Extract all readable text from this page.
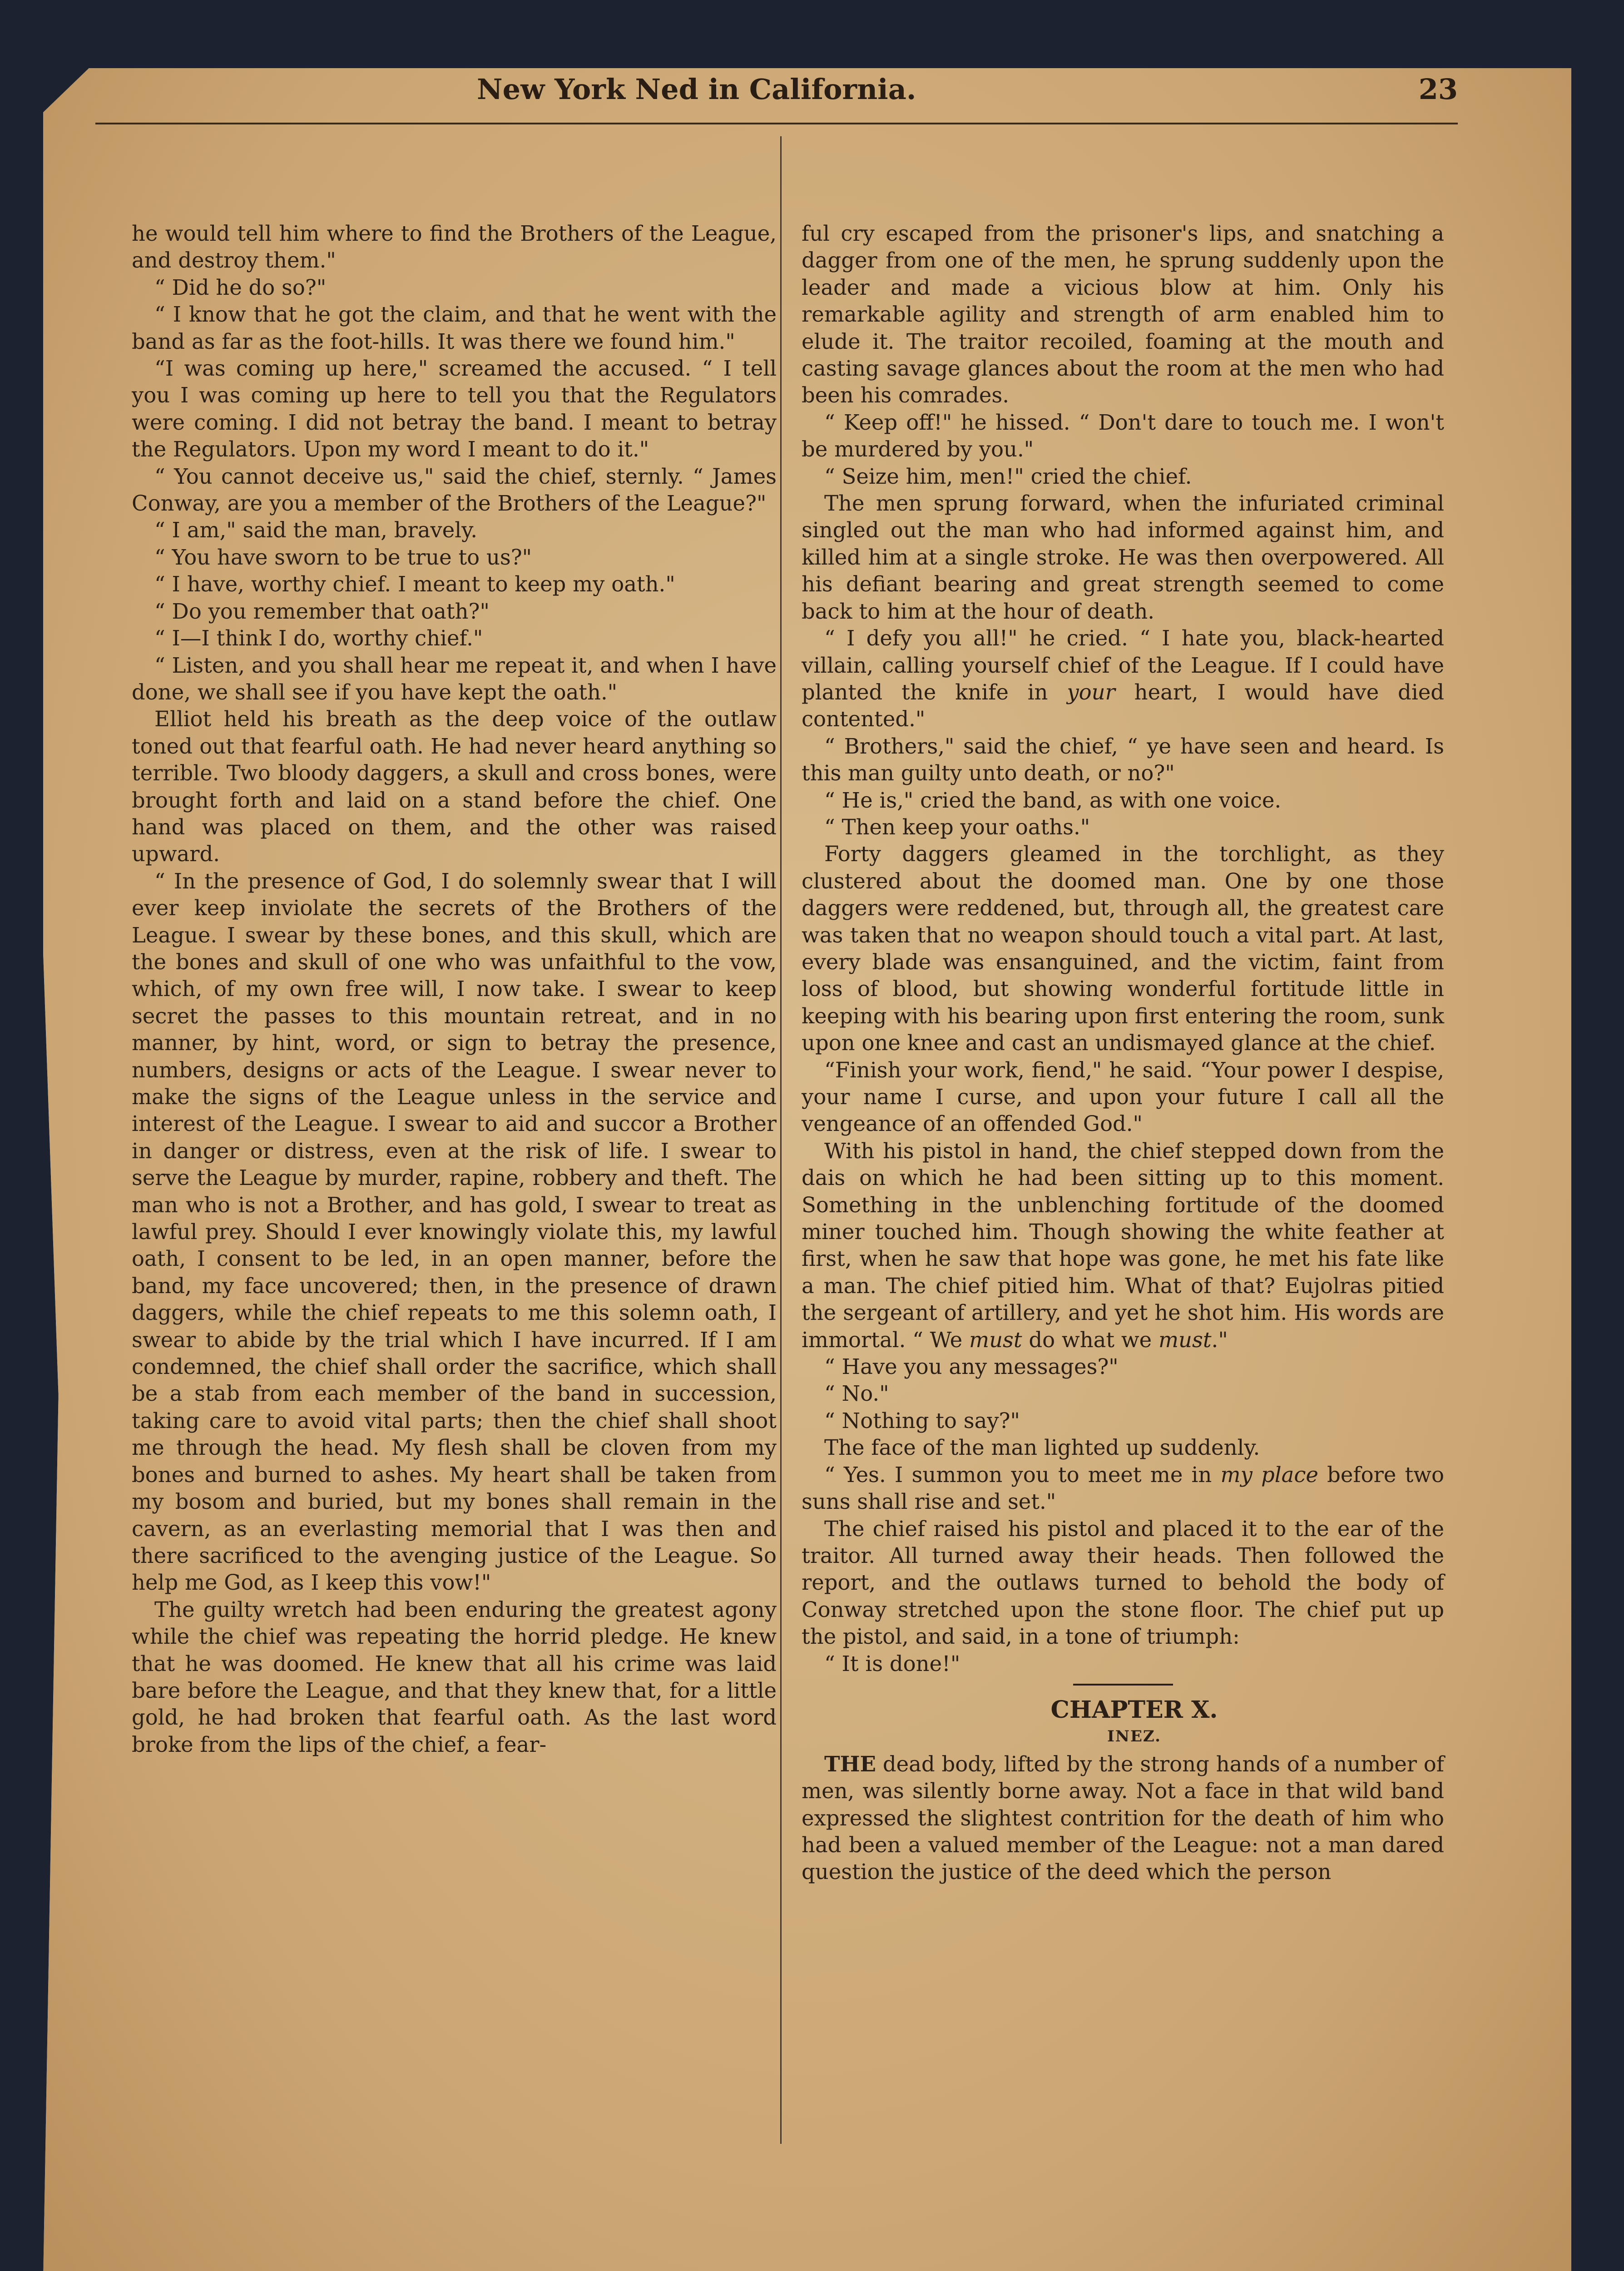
New York Ned in California.	23

he would tell him where to find the Brothers of the League, and destroy them."

“ Did he do so?"

“ I know that he got the claim, and that he went with the band as far as the foot-hills. It was there we found him."

“I was coming up here," screamed the accused. “ I tell you I was coming up here to tell you that the Regulators were coming. I did not betray the band. I meant to betray the Regulators. Upon my word I meant to do it."

“ You cannot deceive us," said the chief, sternly. “ James Conway, are you a member of the Brothers of the League?"

“ I am," said the man, bravely.

“ You have sworn to be true to us?"

“ I have, worthy chief. I meant to keep my oath."

“ Do you remember that oath?"

“ I—I think I do, worthy chief."

“ Listen, and you shall hear me repeat it, and when I have done, we shall see if you have kept the oath."

Elliot held his breath as the deep voice of the outlaw toned out that fearful oath. He had never heard anything so terrible. Two bloody daggers, a skull and cross bones, were brought forth and laid on a stand before the chief. One hand was placed on them, and the other was raised upward.

“ In the presence of God, I do solemnly swear that I will ever keep inviolate the secrets of the Brothers of the League. I swear by these bones, and this skull, which are the bones and skull of one who was unfaithful to the vow, which, of my own free will, I now take. I swear to keep secret the passes to this mountain retreat, and in no manner, by hint, word, or sign to betray the presence, numbers, designs or acts of the League. I swear never to make the signs of the League unless in the service and interest of the League. I swear to aid and succor a Brother in danger or distress, even at the risk of life. I swear to serve the League by murder, rapine, robbery and theft. The man who is not a Brother, and has gold, I swear to treat as lawful prey. Should I ever knowingly violate this, my lawful oath, I consent to be led, in an open manner, before the band, my face uncovered; then, in the presence of drawn daggers, while the chief repeats to me this solemn oath, I swear to abide by the trial which I have incurred. If I am condemned, the chief shall order the sacrifice, which shall be a stab from each member of the band in succession, taking care to avoid vital parts; then the chief shall shoot me through the head. My flesh shall be cloven from my bones and burned to ashes. My heart shall be taken from my bosom and buried, but my bones shall remain in the cavern, as an everlasting memorial that I was then and there sacrificed to the avenging justice of the League. So help me God, as I keep this vow!"

The guilty wretch had been enduring the greatest agony while the chief was repeating the horrid pledge. He knew that he was doomed. He knew that all his crime was laid bare before the League, and that they knew that, for a little gold, he had broken that fearful oath. As the last word broke from the lips of the chief, a fear-

ful cry escaped from the prisoner's lips, and snatching a dagger from one of the men, he sprung suddenly upon the leader and made a vicious blow at him. Only his remarkable agility and strength of arm enabled him to elude it. The traitor recoiled, foaming at the mouth and casting savage glances about the room at the men who had been his comrades.

“ Keep off!" he hissed. “ Don't dare to touch me. I won't be murdered by you."

“ Seize him, men!" cried the chief.

The men sprung forward, when the infuriated criminal singled out the man who had informed against him, and killed him at a single stroke. He was then overpowered. All his defiant bearing and great strength seemed to come back to him at the hour of death.

“ I defy you all!" he cried. “ I hate you, black-hearted villain, calling yourself chief of the League. If I could have planted the knife in your heart, I would have died contented."

“ Brothers," said the chief, “ ye have seen and heard. Is this man guilty unto death, or no?"

“ He is," cried the band, as with one voice.

“ Then keep your oaths."

Forty daggers gleamed in the torchlight, as they clustered about the doomed man. One by one those daggers were reddened, but, through all, the greatest care was taken that no weapon should touch a vital part. At last, every blade was ensanguined, and the victim, faint from loss of blood, but showing wonderful fortitude little in keeping with his bearing upon first entering the room, sunk upon one knee and cast an undismayed glance at the chief.

“Finish your work, fiend," he said. “Your power I despise, your name I curse, and upon your future I call all the vengeance of an offended God."

With his pistol in hand, the chief stepped down from the dais on which he had been sitting up to this moment. Something in the unblenching fortitude of the doomed miner touched him. Though showing the white feather at first, when he saw that hope was gone, he met his fate like a man. The chief pitied him. What of that? Eujolras pitied the sergeant of artillery, and yet he shot him. His words are immortal. “ We must do what we must."

“ Have you any messages?"

“ No."

“ Nothing to say?"

The face of the man lighted up suddenly.

“ Yes. I summon you to meet me in my place before two suns shall rise and set."

The chief raised his pistol and placed it to the ear of the traitor. All turned away their heads. Then followed the report, and the outlaws turned to behold the body of Conway stretched upon the stone floor. The chief put up the pistol, and said, in a tone of triumph:

“ It is done!"

CHAPTER X.

INEZ.

THE dead body, lifted by the strong hands of a number of men, was silently borne away. Not a face in that wild band expressed the slightest contrition for the death of him who had been a valued member of the League: not a man dared question the justice of the deed which the person
